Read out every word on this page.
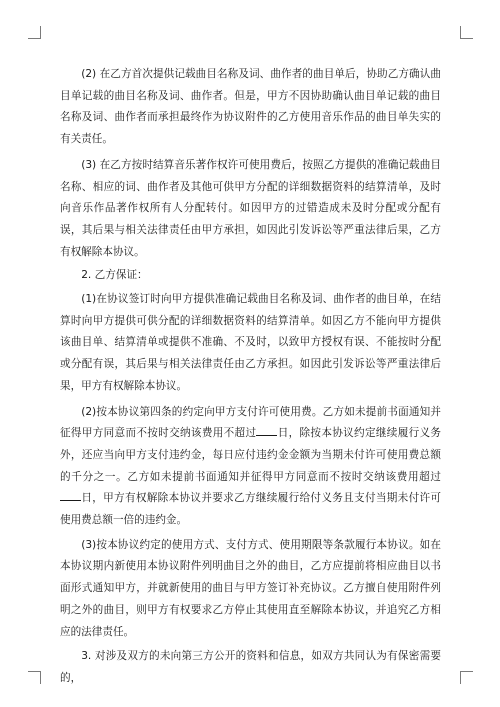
(2) 在乙方首次提供记载曲目名称及词、曲作者的曲目单后，协助乙方确认曲目单记载的曲目名称及词、曲作者。但是，甲方不因协助确认曲目单记载的曲目名称及词、曲作者而承担最终作为协议附件的乙方使用音乐作品的曲目单失实的有关责任。

(3) 在乙方按时结算音乐著作权许可使用费后，按照乙方提供的准确记载曲目名称、相应的词、曲作者及其他可供甲方分配的详细数据资料的结算清单，及时向音乐作品著作权所有人分配转付。如因甲方的过错造成未及时分配或分配有误，其后果与相关法律责任由甲方承担，如因此引发诉讼等严重法律后果，乙方有权解除本协议。

2. 乙方保证：

(1)在协议签订时向甲方提供准确记载曲目名称及词、曲作者的曲目单，在结算时向甲方提供可供分配的详细数据资料的结算清单。如因乙方不能向甲方提供该曲目单、结算清单或提供不准确、不及时，以致甲方授权有误、不能按时分配或分配有误，其后果与相关法律责任由乙方承担。如因此引发诉讼等严重法律后果，甲方有权解除本协议。

(2)按本协议第四条的约定向甲方支付许可使用费。乙方如未提前书面通知并征得甲方同意而不按时交纳该费用不超过 日，除按本协议约定继续履行义务外，还应当向甲方支付违约金，每日应付违约金金额为当期未付许可使用费总额的千分之一。乙方如未提前书面通知并征得甲方同意而不按时交纳该费用超过日，甲方有权解除本协议并要求乙方继续履行给付义务且支付当期未付许可使用费总额一倍的违约金。

(3)按本协议约定的使用方式、支付方式、使用期限等条款履行本协议。如在本协议期内新使用本协议附件列明曲目之外的曲目，乙方应提前将相应曲目以书面形式通知甲方，并就新使用的曲目与甲方签订补充协议。乙方擅自使用附件列明之外的曲目，则甲方有权要求乙方停止其使用直至解除本协议，并追究乙方相应的法律责任。

3. 对涉及双方的未向第三方公开的资料和信息，如双方共同认为有保密需要的，
